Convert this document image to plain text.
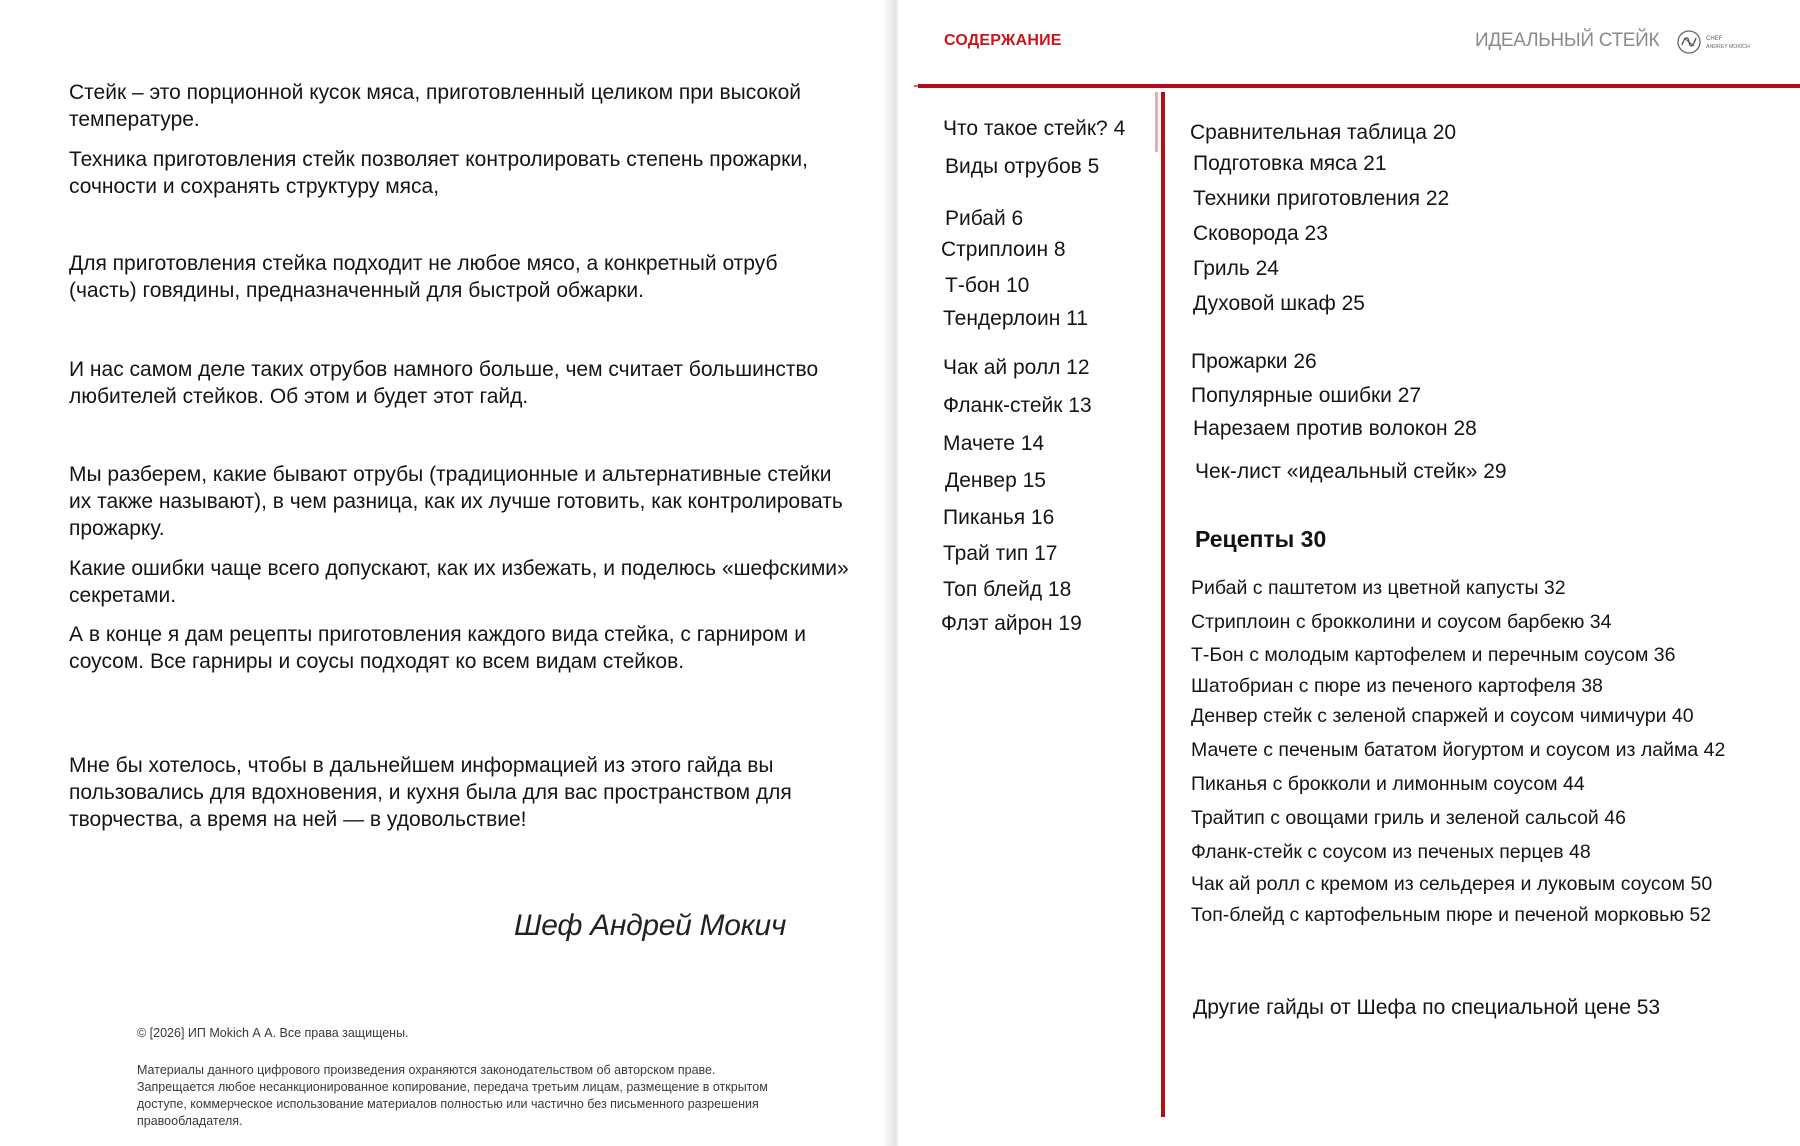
Стейк – это порционной кусок мяса, приготовленный целиком при высокой температуре.

Техника приготовления стейк позволяет контролировать степень прожарки, сочности и сохранять структуру мяса,

Для приготовления стейка подходит не любое мясо, а конкретный отруб (часть) говядины, предназначенный для быстрой обжарки.

И нас самом деле таких отрубов намного больше, чем считает большинство любителей стейков. Об этом и будет этот гайд.

Мы разберем, какие бывают отрубы (традиционные и альтернативные стейки их также называют), в чем разница, как их лучше готовить, как контролировать прожарку.

Какие ошибки чаще всего допускают, как их избежать, и поделюсь «шефскими» секретами.

А в конце я дам рецепты приготовления каждого вида стейка, с гарниром и соусом. Все гарниры и соусы подходят ко всем видам стейков.

Мне бы хотелось, чтобы в дальнейшем информацией из этого гайда вы пользовались для вдохновения, и кухня была для вас пространством для творчества, а время на ней — в удовольствие!

Шеф Андрей Мокич
© [2026] ИП Mokich А А. Все права защищены.

Материалы данного цифрового произведения охраняются законодательством об авторском праве. Запрещается любое несанкционированное копирование, передача третьим лицам, размещение в открытом доступе, коммерческое использование материалов полностью или частично без письменного разрешения правообладателя.

СОДЕРЖАНИЕ	ИДЕАЛЬНЫЙ СТЕЙК	CHEF
ANDREY MOKICH
Что такое стейк? 4
Виды отрубов 5
Рибай 6
Стриплоин 8
Т-бон 10
Тендерлоин 11
Чак ай ролл 12
Фланк-стейк 13
Мачете 14
Денвер 15
Пиканья 16
Трай тип 17
Топ блейд 18
Флэт айрон 19
Сравнительная таблица 20
Подготовка мяса 21
Техники приготовления 22
Сковорода 23
Гриль 24
Духовой шкаф 25
Прожарки 26
Популярные ошибки 27
Нарезаем против волокон 28
Чек-лист «идеальный стейк» 29
Рецепты 30
Рибай с паштетом из цветной капусты 32
Стриплоин с брокколини и соусом барбекю 34
Т-Бон с молодым картофелем и перечным соусом 36
Шатобриан с пюре из печеного картофеля 38
Денвер стейк с зеленой спаржей и соусом чимичури 40
Мачете с печеным бататом йогуртом и соусом из лайма 42
Пиканья с брокколи и лимонным соусом 44
Трайтип с овощами гриль и зеленой сальсой 46
Фланк-стейк с соусом из печеных перцев 48
Чак ай ролл с кремом из сельдерея и луковым соусом 50
Топ-блейд с картофельным пюре и печеной морковью 52
Другие гайды от Шефа по специальной цене 53
